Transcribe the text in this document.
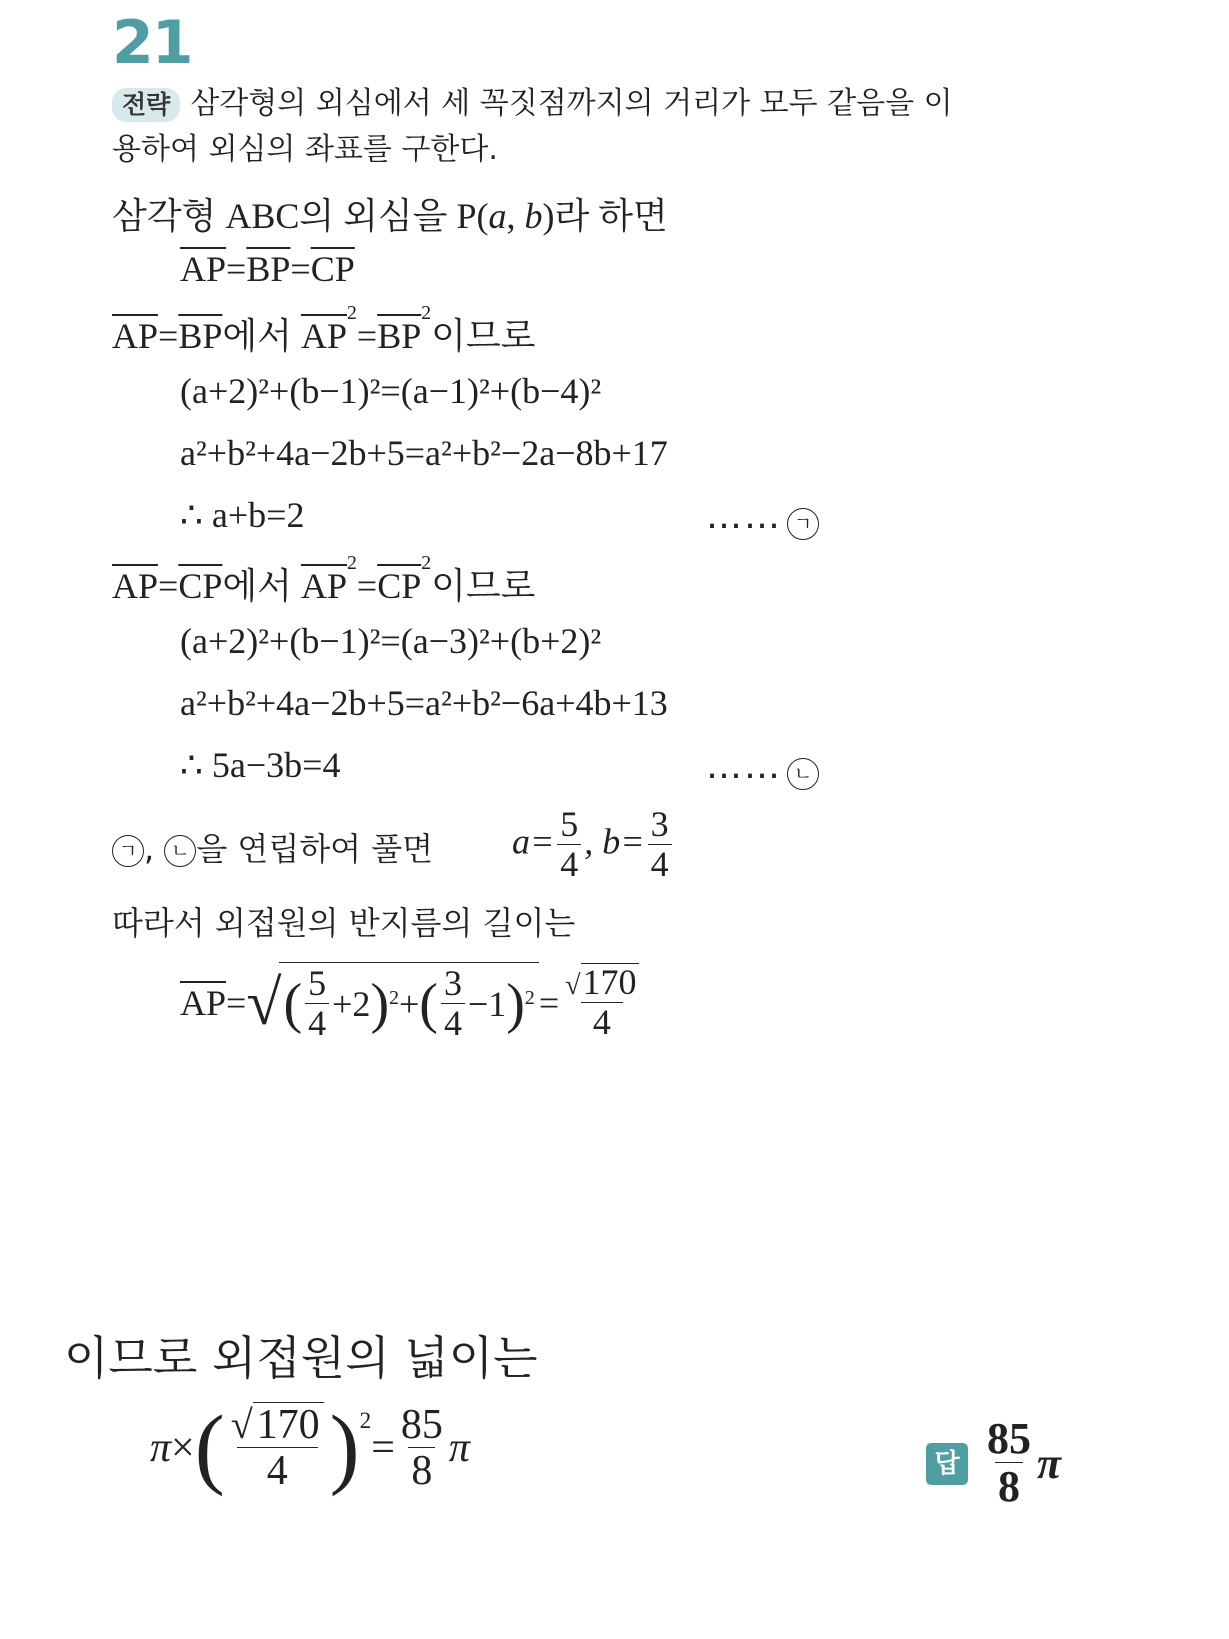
21
전략 삼각형의 외심에서 세 꼭짓점까지의 거리가 모두 같음을 이
용하여 외심의 좌표를 구한다.
삼각형 ABC의 외심을 P(a, b)라 하면
$\overline{AP}=\overline{BP}=\overline{CP}$
$\overline{AP}=\overline{BP}$에서 $\overline{AP}^2=\overline{BP}^2$이므로
(a+2)²+(b−1)²=(a−1)²+(b−4)²
a²+b²+4a−2b+5=a²+b²−2a−8b+17
∴ a+b=2	…… ㄱ
$\overline{AP}=\overline{CP}$에서 $\overline{AP}^2=\overline{CP}^2$이므로
(a+2)²+(b−1)²=(a−3)²+(b+2)²
a²+b²+4a−2b+5=a²+b²−6a+4b+13
∴ 5a−3b=4	…… ㄴ
ㄱ , ㄴ 을 연립하여 풀면 $a= \frac{5}{4}$ , $b= \frac{3}{4}$
따라서 외접원의 반지름의 길이는
$\overline{AP}$ = √ ( $\frac{5}{4} +2$ )$^2$ + ( $\frac{3}{4} -1$ )$^2 = \frac{√170}{4}$
이므로 외접원의 넓이는
π × ( $\frac{√170}{4} )^2$
= $\frac{85}{8}$ π	답 $\frac{85}{8}$ π
